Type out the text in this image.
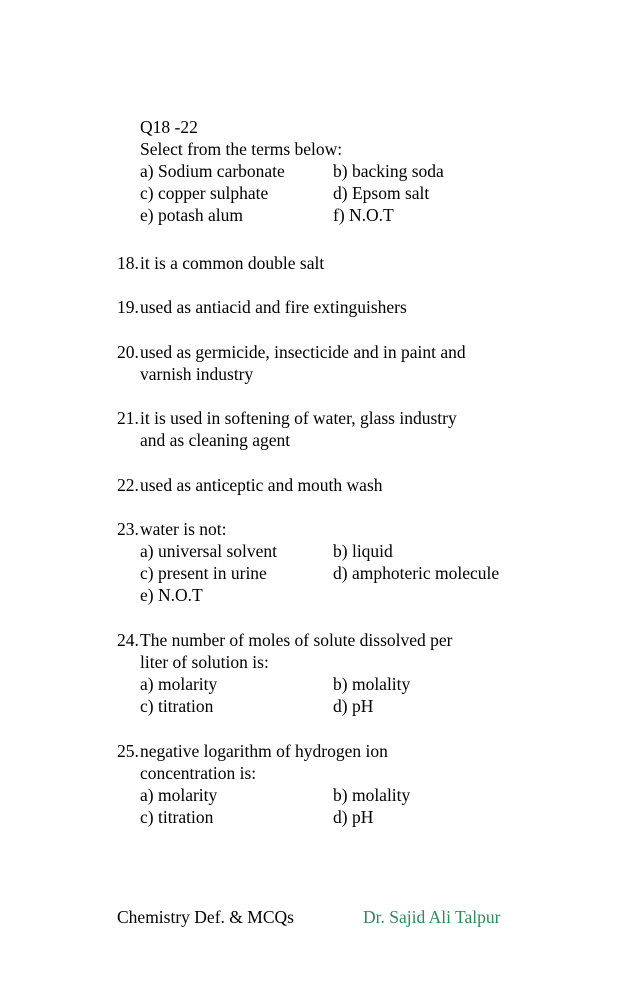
Q18 -22
Select from the terms below:
a) Sodium carbonate	b) backing soda
c) copper sulphate	d) Epsom salt
e) potash alum	f) N.O.T
18. it is a common double salt
19. used as antiacid and fire extinguishers
20. used as germicide, insecticide and in paint and
varnish industry
21. it is used in softening of water, glass industry
and as cleaning agent
22. used as anticeptic and mouth wash
23. water is not:
a) universal solvent	b) liquid
c) present in urine	d) amphoteric molecule
e) N.O.T
24. The number of moles of solute dissolved per
liter of solution is:
a) molarity	b) molality
c) titration	d) pH
25. negative logarithm of hydrogen ion
concentration is:
a) molarity	b) molality
c) titration	d) pH
Chemistry Def. & MCQs	Dr. Sajid Ali Talpur
